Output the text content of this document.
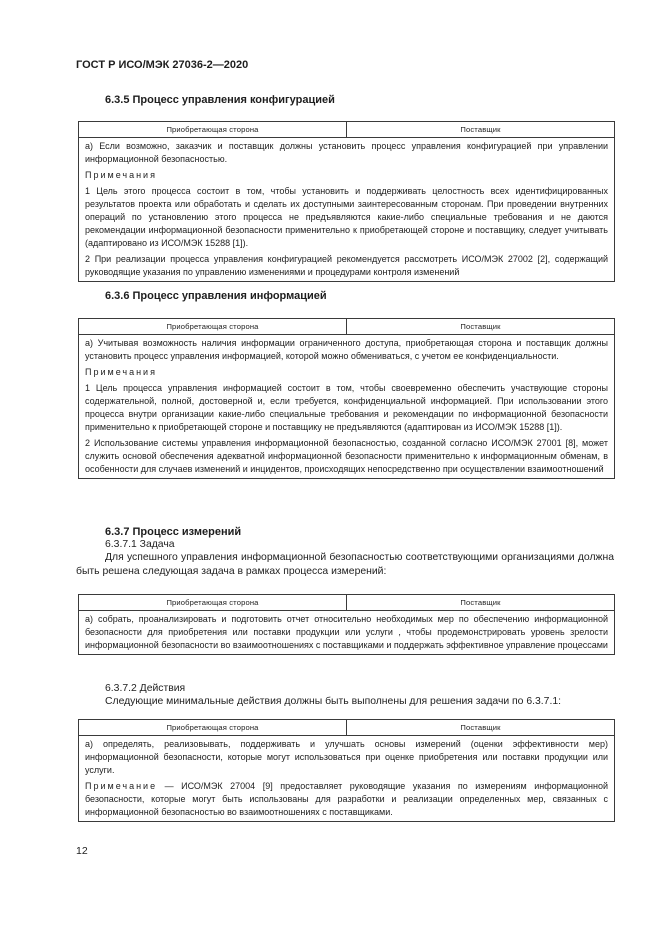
ГОСТ Р ИСО/МЭК 27036-2—2020
6.3.5 Процесс управления конфигурацией
Приобретающая сторона	Поставщик

а) Если возможно, заказчик и поставщик должны установить процесс управления конфигурацией при управлении информационной безопасностью.

Примечания

1 Цель этого процесса состоит в том, чтобы установить и поддерживать целостность всех идентифицированных результатов проекта или обработать и сделать их доступными заинтересованным сторонам. При проведении внутренних операций по установлению этого процесса не предъявляются какие-либо специальные требования и не даются рекомендации информационной безопасности применительно к приобретающей стороне и поставщику, следует учитывать (адаптировано из ИСО/МЭК 15288 [1]).

2 При реализации процесса управления конфигурацией рекомендуется рассмотреть ИСО/МЭК 27002 [2], содержащий руководящие указания по управлению изменениями и процедурами контроля изменений

6.3.6 Процесс управления информацией
Приобретающая сторона	Поставщик

а) Учитывая возможность наличия информации ограниченного доступа, приобретающая сторона и поставщик должны установить процесс управления информацией, которой можно обмениваться, с учетом ее конфиденциальности.

Примечания

1 Цель процесса управления информацией состоит в том, чтобы своевременно обеспечить участвующие стороны содержательной, полной, достоверной и, если требуется, конфиденциальной информацией. При использовании этого процесса внутри организации какие-либо специальные требования и рекомендации по информационной безопасности применительно к приобретающей стороне и поставщику не предъявляются (адаптирован из ИСО/МЭК 15288 [1]).

2 Использование системы управления информационной безопасностью, созданной согласно ИСО/МЭК 27001 [8], может служить основой обеспечения адекватной информационной безопасности применительно к информационным обменам, в особенности для случаев изменений и инцидентов, происходящих непосредственно при осуществлении взаимоотношений

6.3.7 Процесс измерений
6.3.7.1 Задача
Для успешного управления информационной безопасностью соответствующими организациями должна быть решена следующая задача в рамках процесса измерений:
Приобретающая сторона	Поставщик

а) собрать, проанализировать и подготовить отчет относительно необходимых мер по обеспечению информационной безопасности для приобретения или поставки продукции или услуги , чтобы продемонстрировать уровень зрелости информационной безопасности во взаимоотношениях с поставщиками и поддержать эффективное управление процессами

6.3.7.2 Действия
Следующие минимальные действия должны быть выполнены для решения задачи по 6.3.7.1:
Приобретающая сторона	Поставщик

а) определять, реализовывать, поддерживать и улучшать основы измерений (оценки эффективности мер) информационной безопасности, которые могут использоваться при оценке приобретения или поставки продукции или услуги.

Примечание — ИСО/МЭК 27004 [9] предоставляет руководящие указания по измерениям информационной безопасности, которые могут быть использованы для разработки и реализации определенных мер, связанных с информационной безопасностью во взаимоотношениях с поставщиками.

12
